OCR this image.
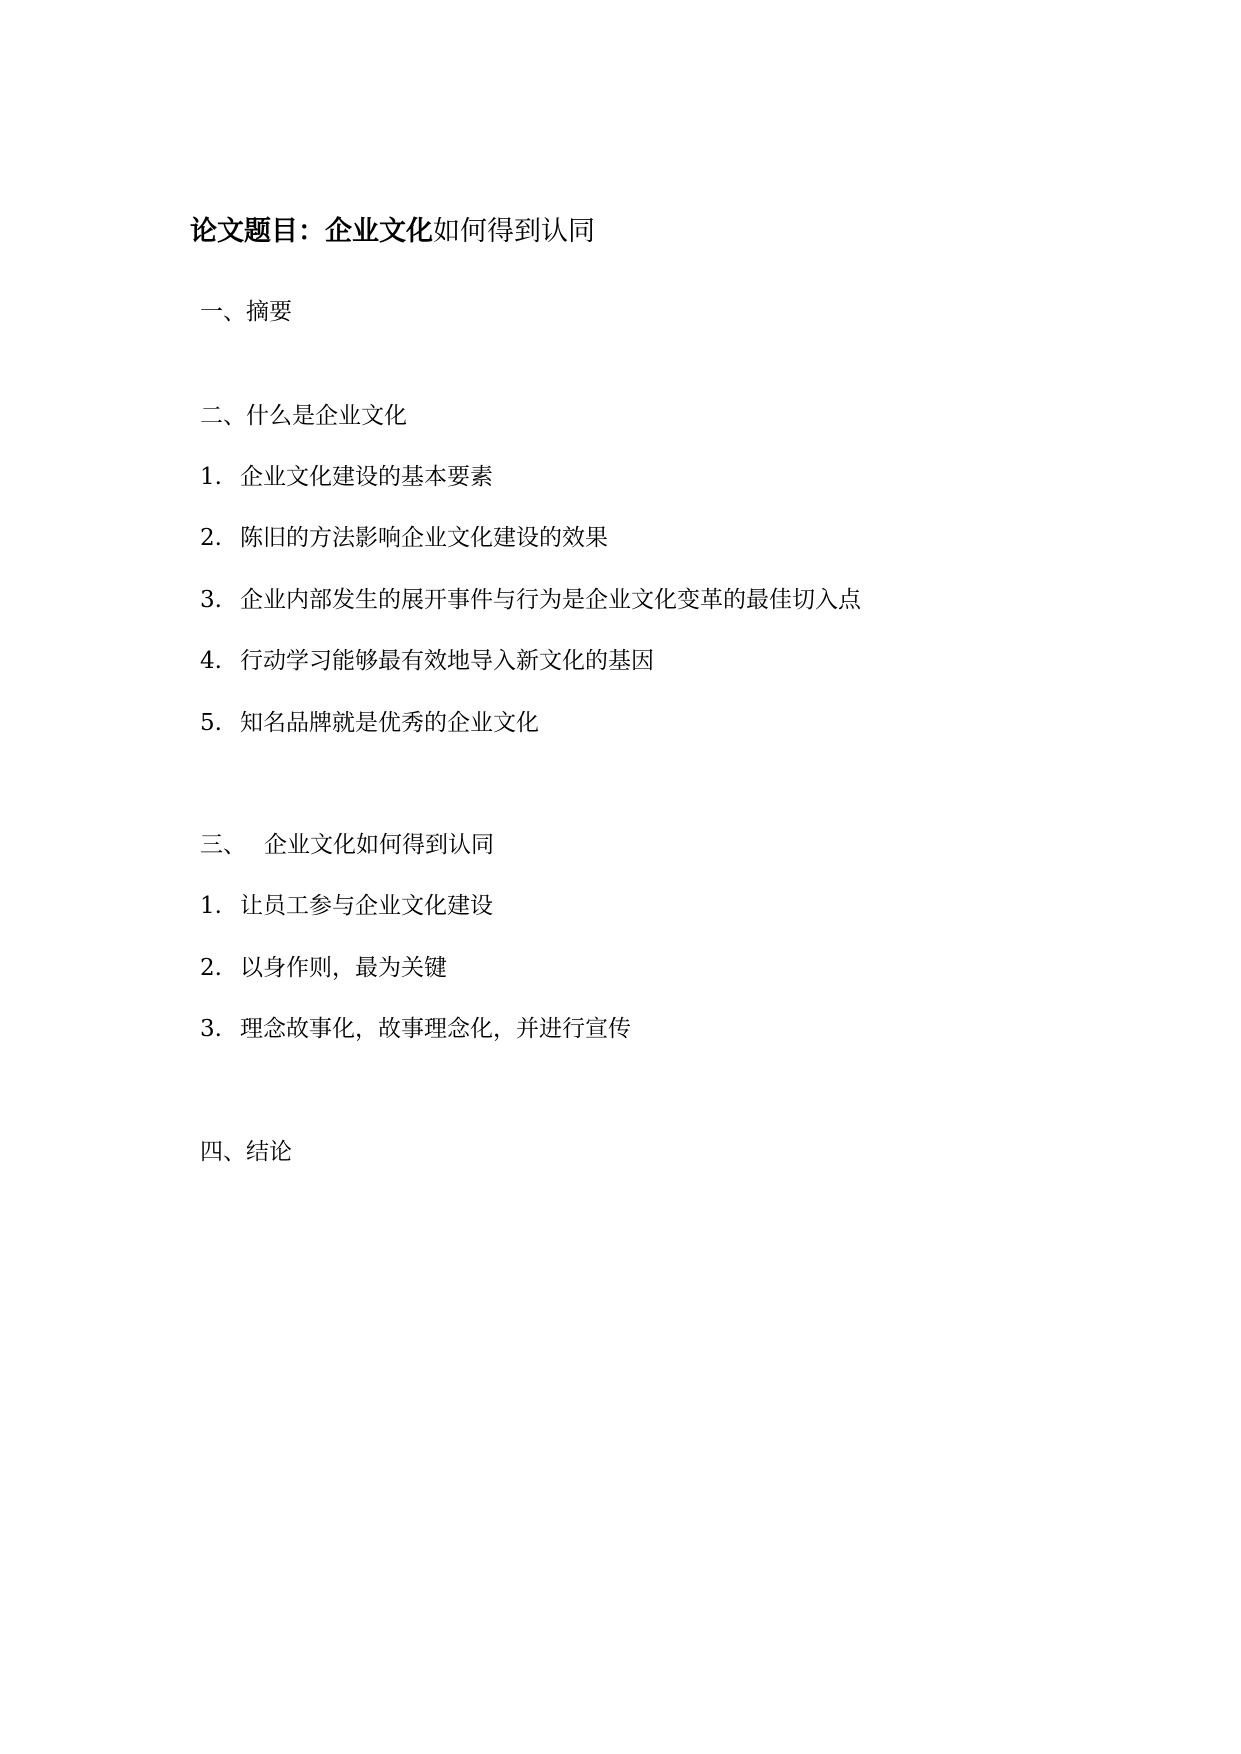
论文题目：企业文化如何得到认同
一、摘要
二、什么是企业文化
1. 企业文化建设的基本要素
2. 陈旧的方法影响企业文化建设的效果
3. 企业内部发生的展开事件与行为是企业文化变革的最佳切入点
4. 行动学习能够最有效地导入新文化的基因
5. 知名品牌就是优秀的企业文化
三、 企业文化如何得到认同
1. 让员工参与企业文化建设
2. 以身作则，最为关键
3. 理念故事化，故事理念化，并进行宣传
四、结论
